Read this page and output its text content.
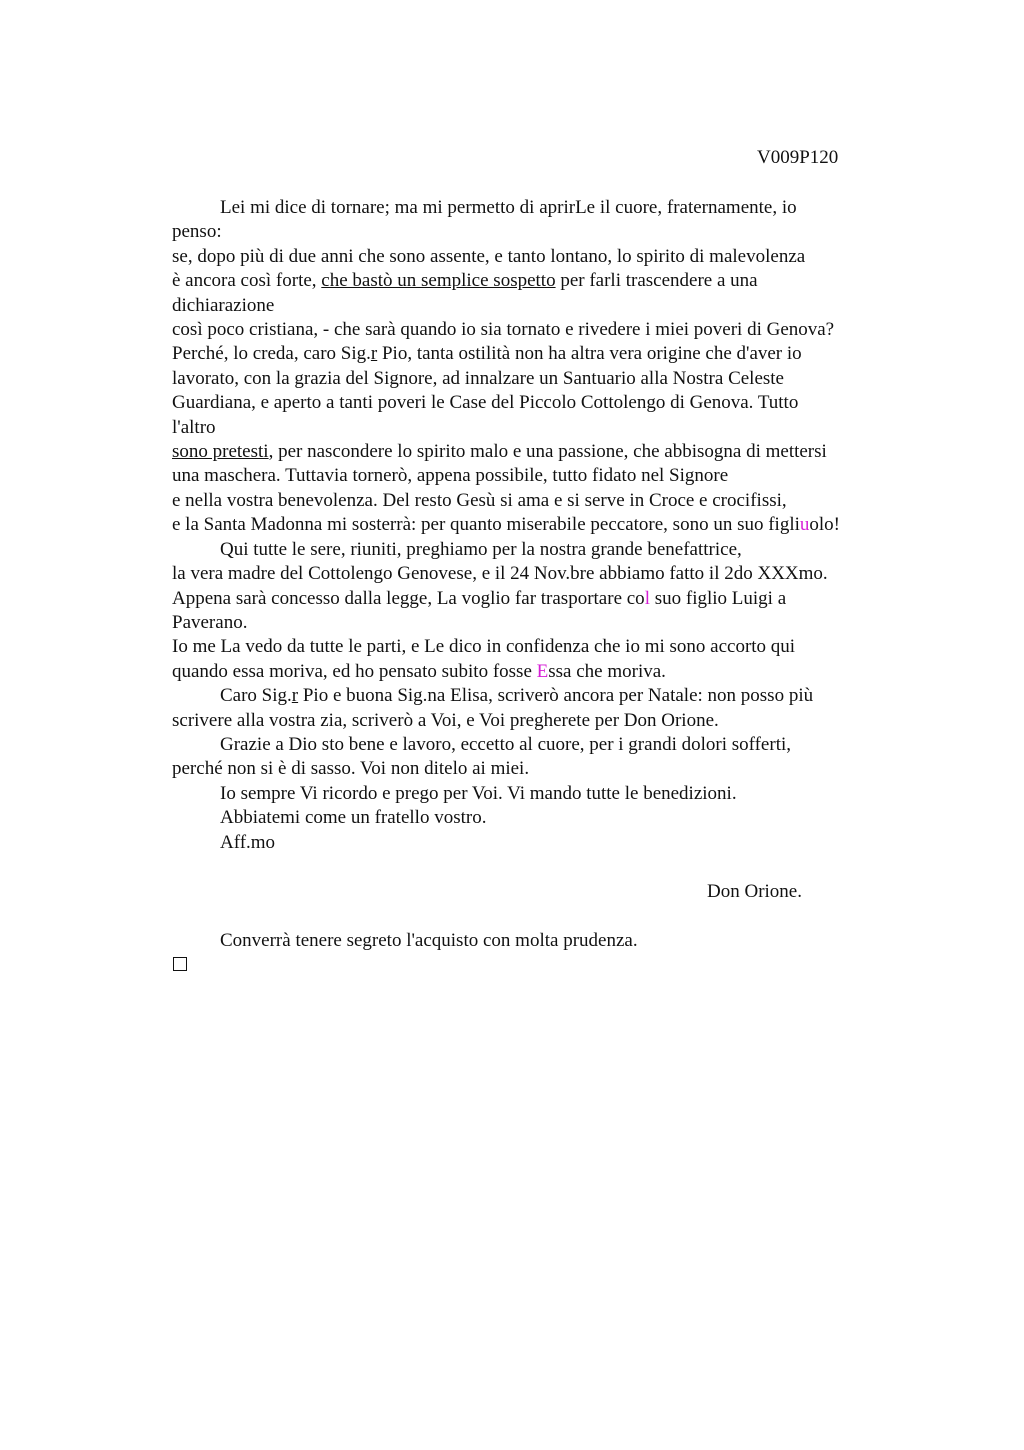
V009P120
Lei mi dice di tornare; ma mi permetto di aprirLe il cuore, fraternamente, io
penso:
se, dopo più di due anni che sono assente, e tanto lontano, lo spirito di malevolenza
è ancora così forte, che bastò un semplice sospetto per farli trascendere a una
dichiarazione
così poco cristiana, - che sarà quando io sia tornato e rivedere i miei poveri di Genova?
Perché, lo creda, caro Sig.r Pio, tanta ostilità non ha altra vera origine che d'aver io
lavorato, con la grazia del Signore, ad innalzare un Santuario alla Nostra Celeste
Guardiana, e aperto a tanti poveri le Case del Piccolo Cottolengo di Genova. Tutto
l'altro
sono pretesti, per nascondere lo spirito malo e una passione, che abbisogna di mettersi
una maschera. Tuttavia tornerò, appena possibile, tutto fidato nel Signore
e nella vostra benevolenza. Del resto Gesù si ama e si serve in Croce e crocifissi,
e la Santa Madonna mi sosterrà: per quanto miserabile peccatore, sono un suo figliuolo!
Qui tutte le sere, riuniti, preghiamo per la nostra grande benefattrice,
la vera madre del Cottolengo Genovese, e il 24 Nov.bre abbiamo fatto il 2do XXXmo.
Appena sarà concesso dalla legge, La voglio far trasportare col suo figlio Luigi a
Paverano.
Io me La vedo da tutte le parti, e Le dico in confidenza che io mi sono accorto qui
quando essa moriva, ed ho pensato subito fosse Essa che moriva.
Caro Sig.r Pio e buona Sig.na Elisa, scriverò ancora per Natale: non posso più
scrivere alla vostra zia, scriverò a Voi, e Voi pregherete per Don Orione.
Grazie a Dio sto bene e lavoro, eccetto al cuore, per i grandi dolori sofferti,
perché non si è di sasso. Voi non ditelo ai miei.
Io sempre Vi ricordo e prego per Voi. Vi mando tutte le benedizioni.
Abbiatemi come un fratello vostro.
Aff.mo
Don Orione.
Converrà tenere segreto l'acquisto con molta prudenza.
